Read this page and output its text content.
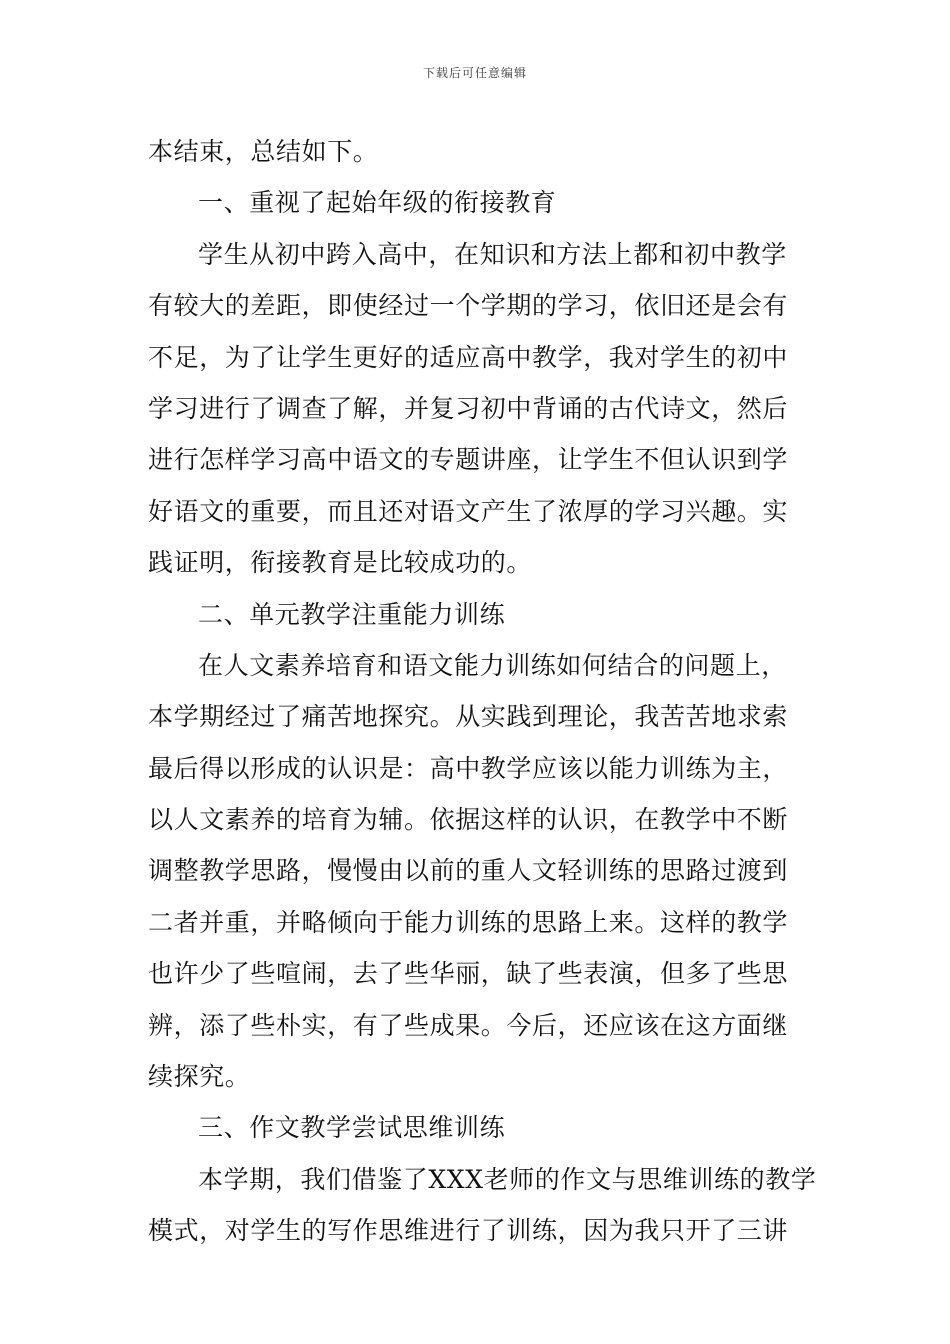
下载后可任意编辑
本结束，总结如下。
一、重视了起始年级的衔接教育
学生从初中跨入高中，在知识和方法上都和初中教学
有较大的差距，即使经过一个学期的学习，依旧还是会有
不足，为了让学生更好的适应高中教学，我对学生的初中
学习进行了调查了解，并复习初中背诵的古代诗文，然后
进行怎样学习高中语文的专题讲座，让学生不但认识到学
好语文的重要，而且还对语文产生了浓厚的学习兴趣。实
践证明，衔接教育是比较成功的。
二、单元教学注重能力训练
在人文素养培育和语文能力训练如何结合的问题上，
本学期经过了痛苦地探究。从实践到理论，我苦苦地求索
最后得以形成的认识是：高中教学应该以能力训练为主，
以人文素养的培育为辅。依据这样的认识，在教学中不断
调整教学思路，慢慢由以前的重人文轻训练的思路过渡到
二者并重，并略倾向于能力训练的思路上来。这样的教学
也许少了些喧闹，去了些华丽，缺了些表演，但多了些思
辨，添了些朴实，有了些成果。今后，还应该在这方面继
续探究。
三、作文教学尝试思维训练
本学期，我们借鉴了XXX老师的作文与思维训练的教学
模式，对学生的写作思维进行了训练，因为我只开了三讲
